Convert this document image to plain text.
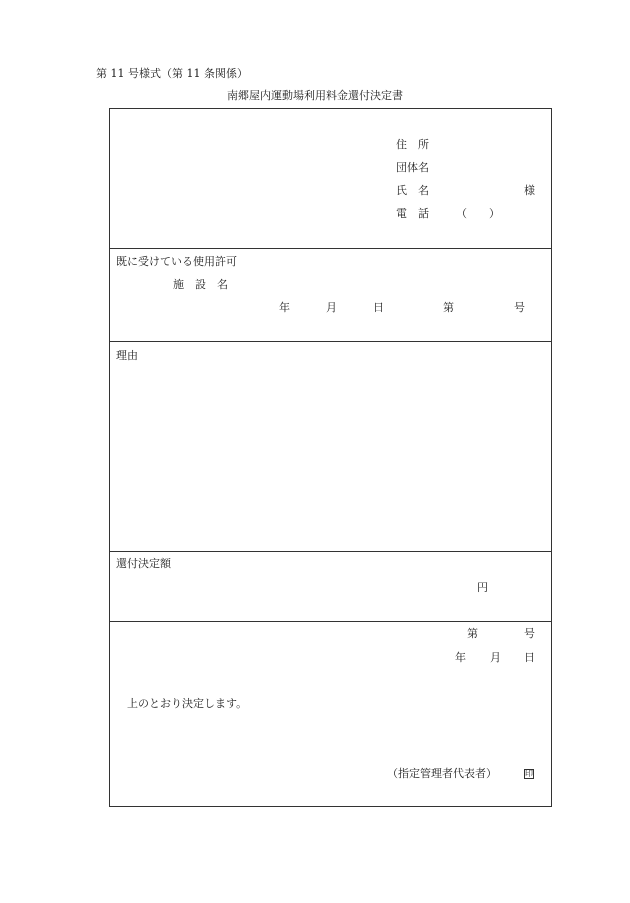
第 11 号様式（第 11 条関係）
南郷屋内運動場利用料金還付決定書
住　所
団体名
氏　名	様
電　話 （　　）
既に受けている使用許可
施　設　名
年	月	日	第	号
理由
還付決定額
円
第	号
年 月 日
上のとおり決定します。
（指定管理者代表者）	印
